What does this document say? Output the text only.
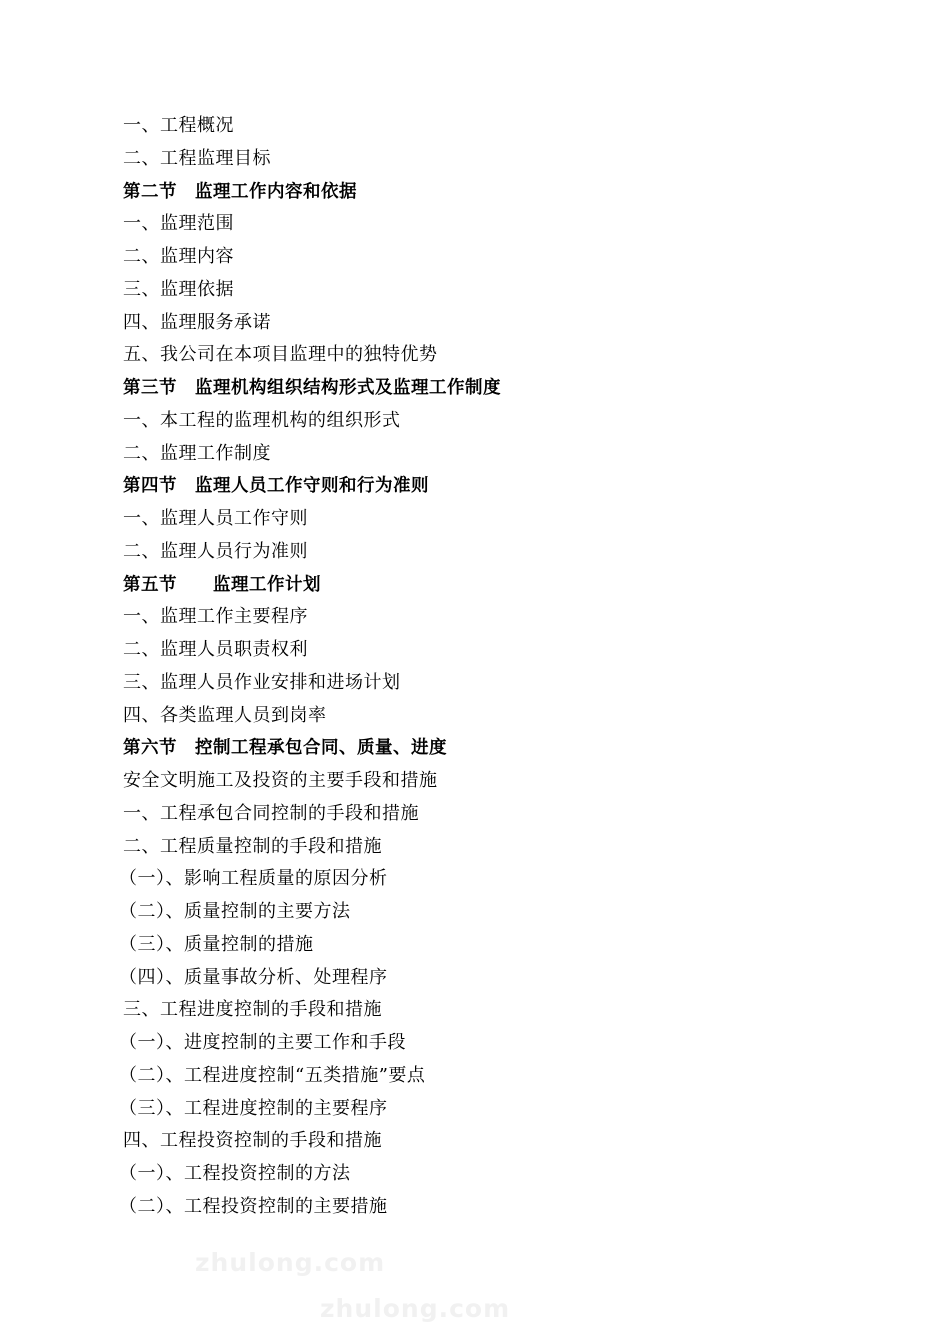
一、工程概况
二、工程监理目标
第二节　监理工作内容和依据
一、监理范围
二、监理内容
三、监理依据
四、监理服务承诺
五、我公司在本项目监理中的独特优势
第三节　监理机构组织结构形式及监理工作制度
一、本工程的监理机构的组织形式
二、监理工作制度
第四节　监理人员工作守则和行为准则
一、监理人员工作守则
二、监理人员行为准则
第五节　　监理工作计划
一、监理工作主要程序
二、监理人员职责权利
三、监理人员作业安排和进场计划
四、各类监理人员到岗率
第六节　控制工程承包合同、质量、进度
安全文明施工及投资的主要手段和措施
一、工程承包合同控制的手段和措施
二、工程质量控制的手段和措施
（一）、影响工程质量的原因分析
（二）、质量控制的主要方法
（三）、质量控制的措施
（四）、质量事故分析、处理程序
三、工程进度控制的手段和措施
（一）、进度控制的主要工作和手段
（二）、工程进度控制“五类措施”要点
（三）、工程进度控制的主要程序
四、工程投资控制的手段和措施
（一）、工程投资控制的方法
（二）、工程投资控制的主要措施
zhulong.com
zhulong.com
